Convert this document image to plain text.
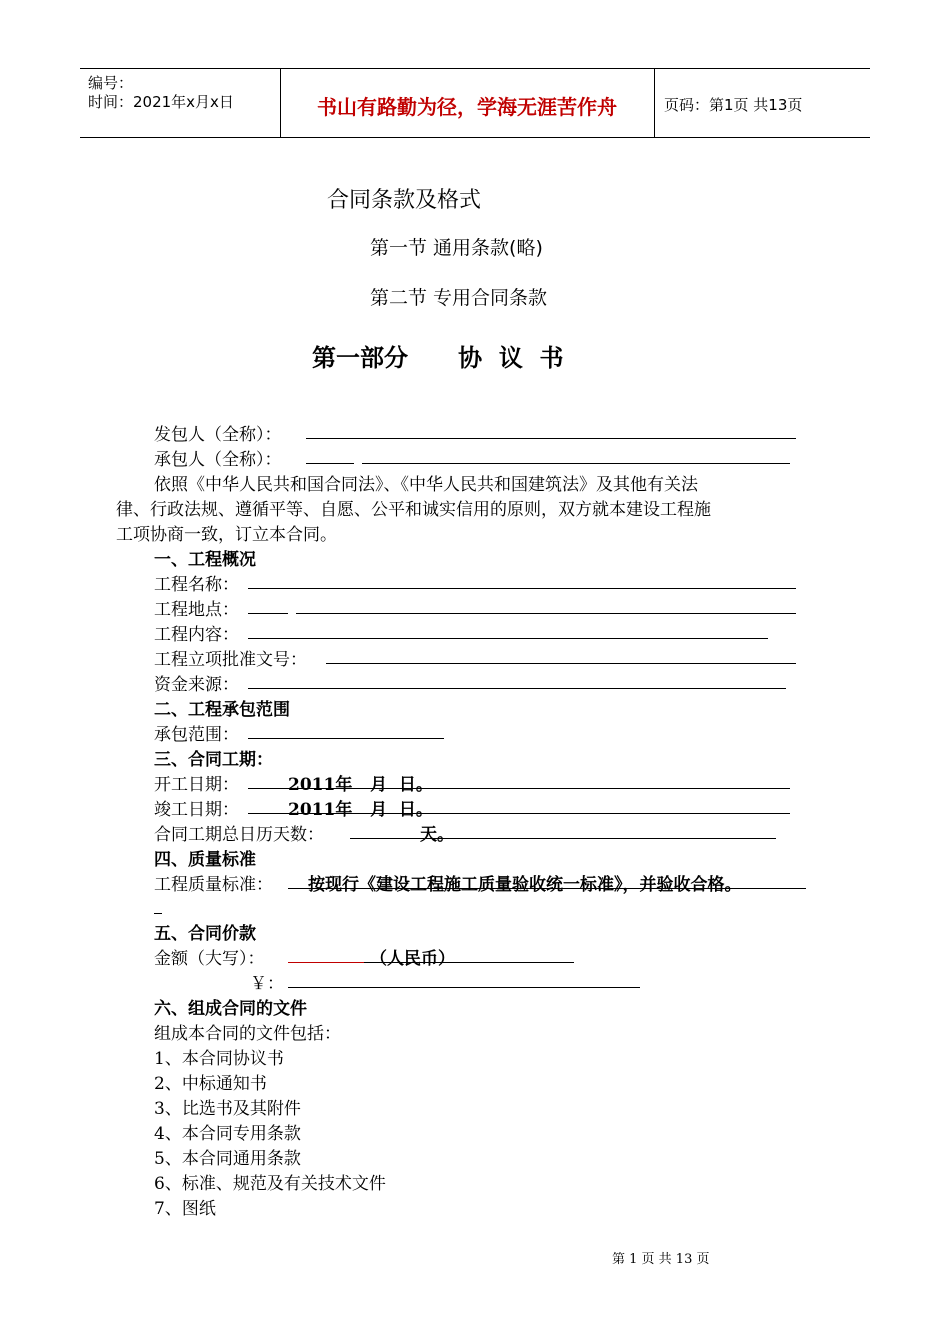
编号：
时间：2021年x月x日	书山有路勤为径，学海无涯苦作舟	页码：第1页 共13页
合同条款及格式
第一节 通用条款(略)
第二节 专用合同条款
第一部分      协  议  书
发包人（全称）：
承包人（全称）：
依照《中华人民共和国合同法》、《中华人民共和国建筑法》及其他有关法
律、行政法规、遵循平等、自愿、公平和诚实信用的原则，双方就本建设工程施
工项协商一致，订立本合同。
一、工程概况
工程名称：
工程地点：
工程内容：
工程立项批准文号：
资金来源：
二、工程承包范围
承包范围：
三、合同工期：
开工日期：	2011年   月  日。
竣工日期：	2011年   月  日。
合同工期总日历天数：	天。
四、质量标准
工程质量标准： 按现行《建设工程施工质量验收统一标准》，并验收合格。
五、合同价款
金额（大写）：	（人民币）
￥：
六、组成合同的文件
组成本合同的文件包括：
1、本合同协议书
2、中标通知书
3、比选书及其附件
4、本合同专用条款
5、本合同通用条款
6、标准、规范及有关技术文件
7、图纸
第 1 页 共 13 页
